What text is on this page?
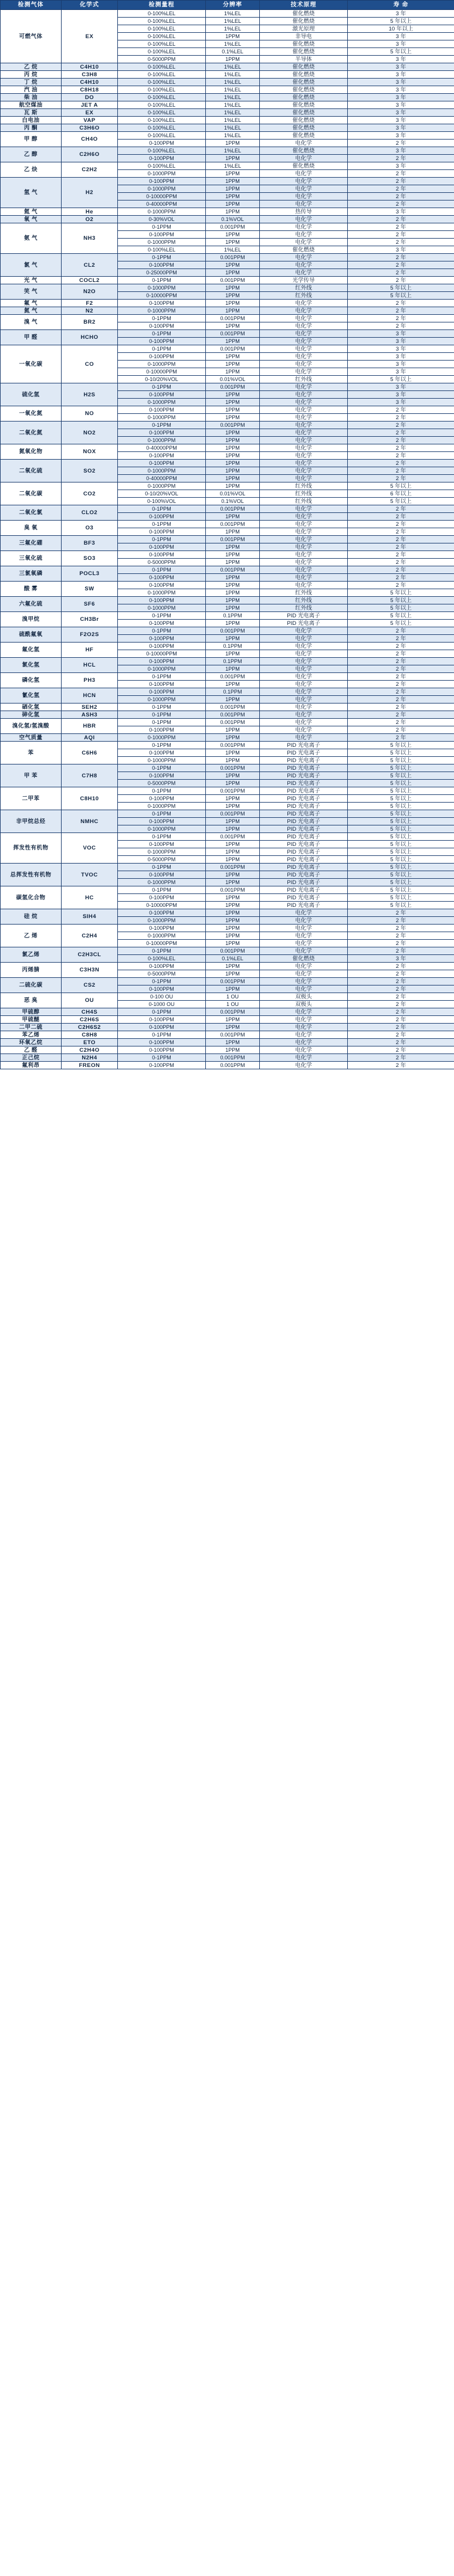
检测气体	化学式	检测量程	分辨率	技术原理	寿 命
可燃气体	EX	0-100%LEL	1%LEL	催化燃烧	3 年
		0-100%LEL	1%LEL	催化燃烧	5 年以上
		0-100%LEL	1%LEL	激光原理	10 年以上
		0-100%LEL	1PPM	非导电	3 年
		0-100%LEL	1%LEL	催化燃烧	3 年
		0-100%LEL	0.1%LEL	催化燃烧	5 年以上
		0-5000PPM	1PPM	半导体	3 年
乙 烷	C4H10	0-100%LEL	1%LEL	催化燃烧	3 年
丙 烷	C3H8	0-100%LEL	1%LEL	催化燃烧	3 年
丁 烷	C4H10	0-100%LEL	1%LEL	催化燃烧	3 年
汽 油	C8H18	0-100%LEL	1%LEL	催化燃烧	3 年
柴 油	DO	0-100%LEL	1%LEL	催化燃烧	3 年
航空煤油	JET A	0-100%LEL	1%LEL	催化燃烧	3 年
瓦 斯	EX	0-100%LEL	1%LEL	催化燃烧	3 年
白电油	VAP	0-100%LEL	1%LEL	催化燃烧	3 年
丙 酮	C3H6O	0-100%LEL	1%LEL	催化燃烧	3 年
甲 醇	CH4O	0-100%LEL	1%LEL	催化燃烧	3 年
		0-100PPM	1PPM	电化学	2 年
乙 醇	C2H6O	0-100%LEL	1%LEL	催化燃烧	3 年
		0-100PPM	1PPM	电化学	2 年
乙 炔	C2H2	0-100%LEL	1%LEL	催化燃烧	3 年
		0-1000PPM	1PPM	电化学	2 年
氢 气	H2	0-100PPM	1PPM	电化学	2 年
		0-1000PPM	1PPM	电化学	2 年
		0-10000PPM	1PPM	电化学	2 年
		0-40000PPM	1PPM	电化学	2 年
氦 气	He	0-1000PPM	1PPM	热传导	3 年
氧 气	O2	0-30%VOL	0.1%VOL	电化学	2 年
氨 气	NH3	0-1PPM	0.001PPM	电化学	2 年
		0-100PPM	1PPM	电化学	2 年
		0-1000PPM	1PPM	电化学	2 年
		0-100%LEL	1%LEL	催化燃烧	3 年
氯 气	CL2	0-1PPM	0.001PPM	电化学	2 年
		0-100PPM	1PPM	电化学	2 年
		0-25000PPM	1PPM	电化学	2 年
光 气	COCL2	0-1PPM	0.001PPM	光学传导	2 年
笑 气	N2O	0-1000PPM	1PPM	红外线	5 年以上
		0-10000PPM	1PPM	红外线	5 年以上
氟 气	F2	0-100PPM	1PPM	电化学	2 年
氮 气	N2	0-1000PPM	1PPM	电化学	2 年
溴 气	BR2	0-1PPM	0.001PPM	电化学	2 年
		0-100PPM	1PPM	电化学	2 年
甲 醛	HCHO	0-1PPM	0.001PPM	电化学	3 年
		0-100PPM	1PPM	电化学	3 年
一氧化碳	CO	0-1PPM	0.001PPM	电化学	3 年
		0-100PPM	1PPM	电化学	3 年
		0-1000PPM	1PPM	电化学	3 年
		0-10000PPM	1PPM	电化学	3 年
		0-10/20%VOL	0.01%VOL	红外线	5 年以上
硫化氢	H2S	0-1PPM	0.001PPM	电化学	3 年
		0-100PPM	1PPM	电化学	3 年
		0-1000PPM	1PPM	电化学	3 年
一氧化氮	NO	0-100PPM	1PPM	电化学	2 年
		0-1000PPM	1PPM	电化学	2 年
二氧化氮	NO2	0-1PPM	0.001PPM	电化学	2 年
		0-100PPM	1PPM	电化学	2 年
		0-1000PPM	1PPM	电化学	2 年
氮氧化物	NOX	0-40000PPM	1PPM	电化学	2 年
		0-100PPM	1PPM	电化学	2 年
二氧化硫	SO2	0-100PPM	1PPM	电化学	2 年
		0-1000PPM	1PPM	电化学	2 年
		0-40000PPM	1PPM	电化学	2 年
二氧化碳	CO2	0-1000PPM	1PPM	红外线	5 年以上
		0-10/20%VOL	0.01%VOL	红外线	6 年以上
		0-100%VOL	0.1%VOL	红外线	5 年以上
二氧化氯	CLO2	0-1PPM	0.001PPM	电化学	2 年
		0-100PPM	1PPM	电化学	2 年
臭 氧	O3	0-1PPM	0.001PPM	电化学	2 年
		0-100PPM	1PPM	电化学	2 年
三氟化硼	BF3	0-1PPM	0.001PPM	电化学	2 年
		0-100PPM	1PPM	电化学	2 年
三氧化硫	SO3	0-100PPM	1PPM	电化学	2 年
		0-5000PPM	1PPM	电化学	2 年
三氯氧磷	POCL3	0-1PPM	0.001PPM	电化学	2 年
		0-100PPM	1PPM	电化学	2 年
酸 雾	SW	0-100PPM	1PPM	电化学	2 年
		0-1000PPM	1PPM	红外线	5 年以上
六氟化硫	SF6	0-100PPM	1PPM	红外线	5 年以上
		0-1000PPM	1PPM	红外线	5 年以上
溴甲烷	CH3Br	0-1PPM	0.1PPM	PID 光电离子	5 年以上
		0-100PPM	1PPM	PID 光电离子	5 年以上
硫酰氟氧	F2O2S	0-1PPM	0.001PPM	电化学	2 年
		0-100PPM	1PPM	电化学	2 年
氟化氢	HF	0-100PPM	0.1PPM	电化学	2 年
		0-10000PPM	1PPM	电化学	2 年
氯化氢	HCL	0-100PPM	0.1PPM	电化学	2 年
		0-1000PPM	1PPM	电化学	2 年
磷化氢	PH3	0-1PPM	0.001PPM	电化学	2 年
		0-100PPM	1PPM	电化学	2 年
氰化氢	HCN	0-100PPM	0.1PPM	电化学	2 年
		0-1000PPM	1PPM	电化学	2 年
硒化氢	SEH2	0-1PPM	0.001PPM	电化学	2 年
砷化氢	ASH3	0-1PPM	0.001PPM	电化学	2 年
溴化氢/氢溴酸	HBR	0-1PPM	0.001PPM	电化学	2 年
		0-100PPM	1PPM	电化学	2 年
空气质量	AQI	0-1000PPM	1PPM	电化学	2 年
苯	C6H6	0-1PPM	0.001PPM	PID 光电离子	5 年以上
		0-100PPM	1PPM	PID 光电离子	5 年以上
		0-1000PPM	1PPM	PID 光电离子	5 年以上
甲 苯	C7H8	0-1PPM	0.001PPM	PID 光电离子	5 年以上
		0-100PPM	1PPM	PID 光电离子	5 年以上
		0-5000PPM	1PPM	PID 光电离子	5 年以上
二甲苯	C8H10	0-1PPM	0.001PPM	PID 光电离子	5 年以上
		0-100PPM	1PPM	PID 光电离子	5 年以上
		0-1000PPM	1PPM	PID 光电离子	5 年以上
非甲烷总烃	NMHC	0-1PPM	0.001PPM	PID 光电离子	5 年以上
		0-100PPM	1PPM	PID 光电离子	5 年以上
		0-1000PPM	1PPM	PID 光电离子	5 年以上
挥发性有机物	VOC	0-1PPM	0.001PPM	PID 光电离子	5 年以上
		0-100PPM	1PPM	PID 光电离子	5 年以上
		0-1000PPM	1PPM	PID 光电离子	5 年以上
		0-5000PPM	1PPM	PID 光电离子	5 年以上
总挥发性有机物	TVOC	0-1PPM	0.001PPM	PID 光电离子	5 年以上
		0-100PPM	1PPM	PID 光电离子	5 年以上
		0-1000PPM	1PPM	PID 光电离子	5 年以上
碳氢化合物	HC	0-1PPM	0.001PPM	PID 光电离子	5 年以上
		0-100PPM	1PPM	PID 光电离子	5 年以上
		0-10000PPM	1PPM	PID 光电离子	5 年以上
硅 烷	SIH4	0-100PPM	1PPM	电化学	2 年
		0-1000PPM	1PPM	电化学	2 年
乙 烯	C2H4	0-100PPM	1PPM	电化学	2 年
		0-1000PPM	1PPM	电化学	2 年
		0-10000PPM	1PPM	电化学	2 年
氯乙烯	C2H3CL	0-1PPM	0.001PPM	电化学	2 年
		0-100%LEL	0.1%LEL	催化燃烧	3 年
丙烯腈	C3H3N	0-100PPM	1PPM	电化学	2 年
		0-5000PPM	1PPM	电化学	2 年
二硫化碳	CS2	0-1PPM	0.001PPM	电化学	2 年
		0-100PPM	1PPM	电化学	2 年
恶 臭	OU	0-100 OU	1 OU	双极头	2 年
		0-1000 OU	1 OU	双极头	2 年
甲硫醇	CH4S	0-1PPM	0.001PPM	电化学	2 年
甲硫醚	C2H6S	0-100PPM	1PPM	电化学	2 年
二甲二硫	C2H6S2	0-100PPM	1PPM	电化学	2 年
苯乙烯	C8H8	0-1PPM	0.001PPM	电化学	2 年
环氧乙烷	ETO	0-100PPM	1PPM	电化学	2 年
乙 醛	C2H4O	0-100PPM	1PPM	电化学	2 年
正己烷	N2H4	0-1PPM	0.001PPM	电化学	2 年
氟利昂	FREON	0-100PPM	0.001PPM	电化学	2 年
